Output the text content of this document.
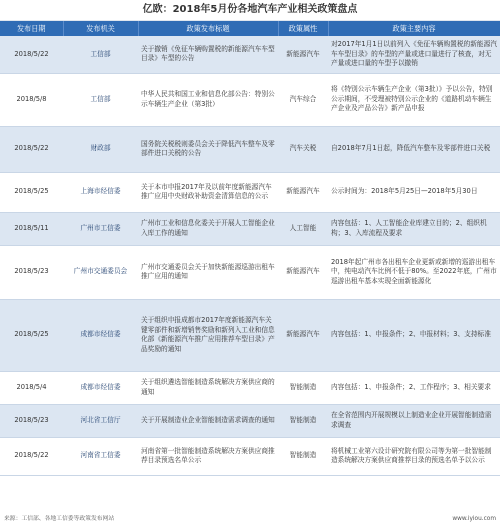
亿欧：2018年5月份各地汽车产业相关政策盘点
发布日期	发布机关	政策发布标题	政策属性	政策主要内容
2018/5/22	工信部	关于撤销《免征车辆购置税的新能源汽车车型目录》车型的公告	新能源汽车	对2017年1月1日以前列入《免征车辆购置税的新能源汽车车型目录》的车型的产量或进口量进行了核查，对无产量或进口量的车型予以撤销
2018/5/8	工信部	中华人民共和国工业和信息化部公告：特别公示车辆生产企业（第3批）	汽车综合	将《特别公示车辆生产企业（第3批）》予以公告，特别公示期间，不受理被特别公示企业的《道路机动车辆生产企业及产品公告》新产品申报
2018/5/22	财政部	国务院关税税则委员会关于降低汽车整车及零部件进口关税的公告	汽车关税	自2018年7月1日起，降低汽车整车及零部件进口关税
2018/5/25	上海市经信委	关于本市申报2017年及以前年度新能源汽车推广应用中央财政补助资金清算信息的公示	新能源汽车	公示时间为：2018年5月25日—2018年5月30日
2018/5/11	广州市工信委	广州市工业和信息化委关于开展人工智能企业入库工作的通知	人工智能	内容包括：1、人工智能企业库建立目的；2、组织机构；3、入库流程及要求
2018/5/23	广州市交通委员会	广州市交通委员会关于加快新能源巡游出租车推广应用的通知	新能源汽车	2018年起广州市各出租车企业更新或新增的巡游出租车中，纯电动汽车比例不低于80%。至2022年底，广州市巡游出租车基本实现全面新能源化
2018/5/25	成都市经信委	关于组织申报成都市2017年度新能源汽车关键零部件和新增销售奖励和新列入工业和信息化部《新能源汽车推广应用推荐车型目录》产品奖励的通知	新能源汽车	内容包括：1、申报条件；2、申报材料；3、支持标准
2018/5/4	成都市经信委	关于组织遴选智能制造系统解决方案供应商的通知	智能制造	内容包括：1、申报条件；2、工作程序；3、相关要求
2018/5/23	河北省工信厅	关于开展制造业企业智能制造需求调查的通知	智能制造	在全省范围内开展规模以上制造业企业开展智能制造需求调查
2018/5/22	河南省工信委	河南省第一批智能制造系统解决方案供应商推荐目录预选名单公示	智能制造	将机械工业第六设计研究院有限公司等为第一批智能制造系统解决方案供应商推荐目录的预选名单予以公示
来源：工信部、各地工信委等政策发布网站	www.iyiou.com
